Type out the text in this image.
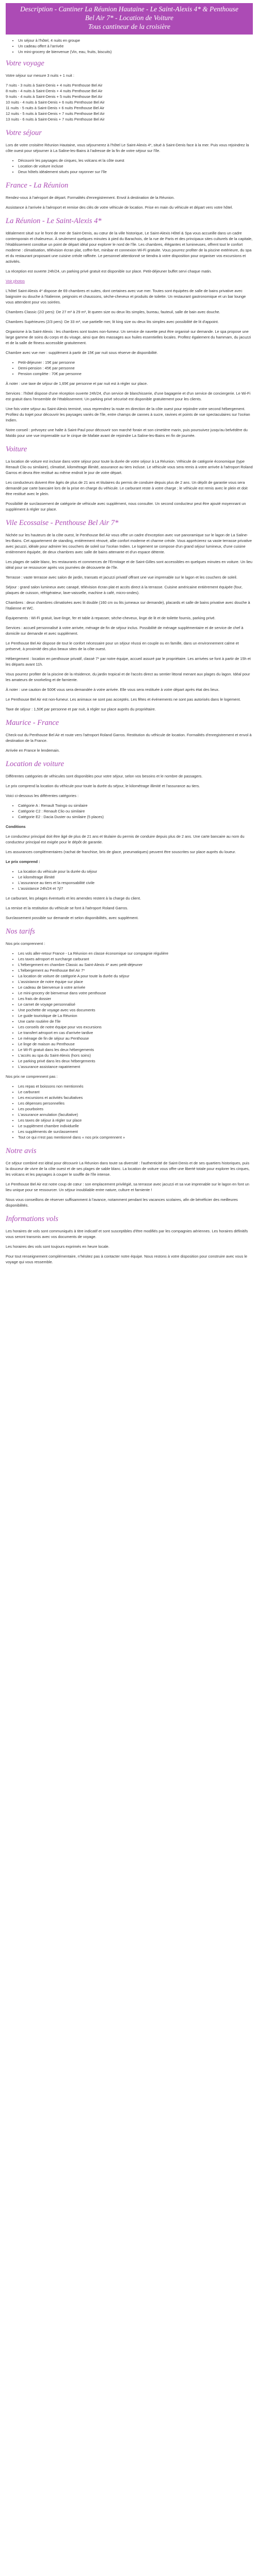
Description - Cantiner La Réunion Hautaine - Le Saint-Alexis 4* & Penthouse Bel Air 7* - Location de Voiture
Tous cantineur de la croisière
• Un séjour à l'hôtel, 4 nuits en groupe
• Un cadeau offert à l'arrivée
• Un mini-grocery de bienvenue (Vin, eau, fruits, biscuits)
Votre voyage

Votre séjour sur mesure 3 nuits + 1 nuit :

7 nuits - 3 nuits à Saint-Denis + 4 nuits Penthouse Bel Air
8 nuits - 4 nuits à Saint-Denis + 4 nuits Penthouse Bel Air
9 nuits - 4 nuits à Saint-Denis + 5 nuits Penthouse Bel Air
10 nuits - 4 nuits à Saint-Denis + 6 nuits Penthouse Bel Air
11 nuits - 5 nuits à Saint-Denis + 6 nuits Penthouse Bel Air
12 nuits - 5 nuits à Saint-Denis + 7 nuits Penthouse Bel Air
13 nuits - 6 nuits à Saint-Denis + 7 nuits Penthouse Bel Air

Votre séjour

Lors de votre croisière Réunion Hautaine, vous séjournerez à l'hôtel Le Saint-Alexis 4*, situé à Saint-Denis face à la mer. Puis vous rejoindrez la côte ouest pour séjourner à La Saline-les-Bains à l'adresse de la fin de votre séjour sur l'île.

• Découvrir les paysages de cirques, les volcans et la côte ouest
• Location de voiture incluse
• Deux hôtels idéalement situés pour rayonner sur l'île
France - La Réunion

Rendez-vous à l'aéroport de départ. Formalités d'enregistrement. Envol à destination de la Réunion.

Assistance à l'arrivée à l'aéroport et remise des clés de votre véhicule de location. Prise en main du véhicule et départ vers votre hôtel.

La Réunion - Le Saint-Alexis 4*

Idéalement situé sur le front de mer de Saint-Denis, au cœur de la ville historique, Le Saint-Alexis Hôtel & Spa vous accueille dans un cadre contemporain et chaleureux. À seulement quelques minutes à pied du Barachois, de la rue de Paris et des principaux sites culturels de la capitale, l'établissement constitue un point de départ idéal pour explorer le nord de l'île. Les chambres, élégantes et lumineuses, offrent tout le confort moderne : climatisation, télévision écran plat, coffre-fort, minibar et connexion Wi-Fi gratuite. Vous pourrez profiter de la piscine extérieure, du spa et du restaurant proposant une cuisine créole raffinée. Le personnel attentionné se tiendra à votre disposition pour organiser vos excursions et activités.

La réception est ouverte 24h/24, un parking privé gratuit est disponible sur place. Petit-déjeuner buffet servi chaque matin.

Voir photos

L'hôtel Saint-Alexis 4* dispose de 69 chambres et suites, dont certaines avec vue mer. Toutes sont équipées de salle de bains privative avec baignoire ou douche à l'italienne, peignoirs et chaussons, sèche-cheveux et produits de toilette. Un restaurant gastronomique et un bar lounge vous attendent pour vos soirées.

Chambres Classic (2/2 pers): De 27 m² à 29 m², lit queen size ou deux lits simples, bureau, fauteuil, salle de bain avec douche.

Chambres Supérieures (2/3 pers): De 33 m², vue partielle mer, lit king size ou deux lits simples avec possibilité de lit d'appoint.

Organisme à la Saint-Alexis : les chambres sont toutes non-fumeur. Un service de navette peut être organisé sur demande. Le spa propose une large gamme de soins du corps et du visage, ainsi que des massages aux huiles essentielles locales. Profitez également du hammam, du jacuzzi et de la salle de fitness accessible gratuitement.

Chambre avec vue mer : supplément à partir de 15€ par nuit sous réserve de disponibilité.

• Petit-déjeuner : 15€ par personne
• Demi-pension : 45€ par personne
• Pension complète : 70€ par personne

À noter : une taxe de séjour de 1,65€ par personne et par nuit est à régler sur place.

Services : l'hôtel dispose d'une réception ouverte 24h/24, d'un service de blanchisserie, d'une bagagerie et d'un service de conciergerie. Le Wi-Fi est gratuit dans l'ensemble de l'établissement. Un parking privé sécurisé est disponible gratuitement pour les clients.

Une fois votre séjour au Saint-Alexis terminé, vous reprendrez la route en direction de la côte ouest pour rejoindre votre second hébergement. Profitez du trajet pour découvrir les paysages variés de l'île, entre champs de cannes à sucre, ravines et points de vue spectaculaires sur l'océan Indien.

Notre conseil : prévoyez une halte à Saint-Paul pour découvrir son marché forain et son cimetière marin, puis poursuivez jusqu'au belvédère du Maïdo pour une vue imprenable sur le cirque de Mafate avant de rejoindre La Saline-les-Bains en fin de journée.

Voiture

La location de voiture est incluse dans votre séjour pour toute la durée de votre séjour à La Réunion. Véhicule de catégorie économique (type Renault Clio ou similaire), climatisé, kilométrage illimité, assurance au tiers incluse. Le véhicule vous sera remis à votre arrivée à l'aéroport Roland Garros et devra être restitué au même endroit le jour de votre départ.

Les conducteurs doivent être âgés de plus de 21 ans et titulaires du permis de conduire depuis plus de 2 ans. Un dépôt de garantie vous sera demandé par carte bancaire lors de la prise en charge du véhicule. Le carburant reste à votre charge ; le véhicule est remis avec le plein et doit être restitué avec le plein.

Possibilité de surclassement de catégorie de véhicule avec supplément, nous consulter. Un second conducteur peut être ajouté moyennant un supplément à régler sur place.

Vile Ecossaise - Penthouse Bel Air 7*

Nichée sur les hauteurs de la côte ouest, le Penthouse Bel Air vous offre un cadre d'exception avec vue panoramique sur le lagon de La Saline-les-Bains. Cet appartement de standing, entièrement rénové, allie confort moderne et charme créole. Vous apprécierez sa vaste terrasse privative avec jacuzzi, idéale pour admirer les couchers de soleil sur l'océan Indien. Le logement se compose d'un grand séjour lumineux, d'une cuisine entièrement équipée, de deux chambres avec salle de bains attenante et d'un espace détente.

Les plages de sable blanc, les restaurants et commerces de l'Ermitage et de Saint-Gilles sont accessibles en quelques minutes en voiture. Un lieu idéal pour se ressourcer après vos journées de découverte de l'île.

Terrasse : vaste terrasse avec salon de jardin, transats et jacuzzi privatif offrant une vue imprenable sur le lagon et les couchers de soleil.

Séjour : grand salon lumineux avec canapé, télévision écran plat et accès direct à la terrasse. Cuisine américaine entièrement équipée (four, plaques de cuisson, réfrigérateur, lave-vaisselle, machine à café, micro-ondes).

Chambres : deux chambres climatisées avec lit double (160 cm ou lits jumeaux sur demande), placards et salle de bains privative avec douche à l'italienne et WC.

Équipements : Wi-Fi gratuit, lave-linge, fer et table à repasser, sèche-cheveux, linge de lit et de toilette fournis, parking privé.

Services : accueil personnalisé à votre arrivée, ménage de fin de séjour inclus. Possibilité de ménage supplémentaire et de service de chef à domicile sur demande et avec supplément.

Le Penthouse Bel Air dispose de tout le confort nécessaire pour un séjour réussi en couple ou en famille, dans un environnement calme et préservé, à proximité des plus beaux sites de la côte ouest.

Hébergement : location en penthouse privatif, classé 7* par notre équipe, accueil assuré par le propriétaire. Les arrivées se font à partir de 15h et les départs avant 11h.

Vous pourrez profiter de la piscine de la résidence, du jardin tropical et de l'accès direct au sentier littoral menant aux plages du lagon. Idéal pour les amateurs de snorkeling et de farniente.

À noter : une caution de 500€ vous sera demandée à votre arrivée. Elle vous sera restituée à votre départ après état des lieux.

Le Penthouse Bel Air est non-fumeur. Les animaux ne sont pas acceptés. Les fêtes et événements ne sont pas autorisés dans le logement.

Taxe de séjour : 1,50€ par personne et par nuit, à régler sur place auprès du propriétaire.

Maurice - France

Check-out du Penthouse Bel Air et route vers l'aéroport Roland Garros. Restitution du véhicule de location. Formalités d'enregistrement et envol à destination de la France.

Arrivée en France le lendemain.

Location de voiture

Différentes catégories de véhicules sont disponibles pour votre séjour, selon vos besoins et le nombre de passagers.

Le prix comprend la location du véhicule pour toute la durée du séjour, le kilométrage illimité et l'assurance au tiers.

Voici ci-dessous les différentes catégories :

• Catégorie A : Renault Twingo ou similaire
• Catégorie C2 : Renault Clio ou similaire
• Catégorie E2 : Dacia Duster ou similaire (5 places)

Conditions

Le conducteur principal doit être âgé de plus de 21 ans et titulaire du permis de conduire depuis plus de 2 ans. Une carte bancaire au nom du conducteur principal est exigée pour le dépôt de garantie.

Les assurances complémentaires (rachat de franchise, bris de glace, pneumatiques) peuvent être souscrites sur place auprès du loueur.

Le prix comprend :

• La location du véhicule pour la durée du séjour
• Le kilométrage illimité
• L'assurance au tiers et la responsabilité civile
• L'assistance 24h/24 et 7j/7

Le carburant, les péages éventuels et les amendes restent à la charge du client.

La remise et la restitution du véhicule se font à l'aéroport Roland Garros.

Surclassement possible sur demande et selon disponibilités, avec supplément.

Nos tarifs

Nos prix comprennent :

• Les vols aller-retour France - La Réunion en classe économique sur compagnie régulière
• Les taxes aéroport et surcharge carburant
• L'hébergement en chambre Classic au Saint-Alexis 4* avec petit-déjeuner
• L'hébergement au Penthouse Bel Air 7*
• La location de voiture de catégorie A pour toute la durée du séjour
• L'assistance de notre équipe sur place
• Le cadeau de bienvenue à votre arrivée
• Le mini-grocery de bienvenue dans votre penthouse
• Les frais de dossier
• Le carnet de voyage personnalisé
• Une pochette de voyage avec vos documents
• Le guide touristique de La Réunion
• Une carte routière de l'île
• Les conseils de notre équipe pour vos excursions
• Le transfert aéroport en cas d'arrivée tardive
• Le ménage de fin de séjour au Penthouse
• Le linge de maison au Penthouse
• Le Wi-Fi gratuit dans les deux hébergements
• L'accès au spa du Saint-Alexis (hors soins)
• Le parking privé dans les deux hébergements
• L'assurance assistance rapatriement

Nos prix ne comprennent pas :

• Les repas et boissons non mentionnés
• Le carburant
• Les excursions et activités facultatives
• Les dépenses personnelles
• Les pourboires
• L'assurance annulation (facultative)
• Les taxes de séjour à régler sur place
• Le supplément chambre individuelle
• Les suppléments de surclassement
• Tout ce qui n'est pas mentionné dans « nos prix comprennent »
Notre avis

Ce séjour combiné est idéal pour découvrir La Réunion dans toute sa diversité : l'authenticité de Saint-Denis et de ses quartiers historiques, puis la douceur de vivre de la côte ouest et de ses plages de sable blanc. La location de voiture vous offre une liberté totale pour explorer les cirques, les volcans et les paysages à couper le souffle de l'île intense.

Le Penthouse Bel Air est notre coup de cœur : son emplacement privilégié, sa terrasse avec jacuzzi et sa vue imprenable sur le lagon en font un lieu unique pour se ressourcer. Un séjour inoubliable entre nature, culture et farniente !

Nous vous conseillons de réserver suffisamment à l'avance, notamment pendant les vacances scolaires, afin de bénéficier des meilleures disponibilités.

Informations vols

Les horaires de vols sont communiqués à titre indicatif et sont susceptibles d'être modifiés par les compagnies aériennes. Les horaires définitifs vous seront transmis avec vos documents de voyage.

Les horaires des vols sont toujours exprimés en heure locale.

Pour tout renseignement complémentaire, n'hésitez pas à contacter notre équipe. Nous restons à votre disposition pour construire avec vous le voyage qui vous ressemble.
